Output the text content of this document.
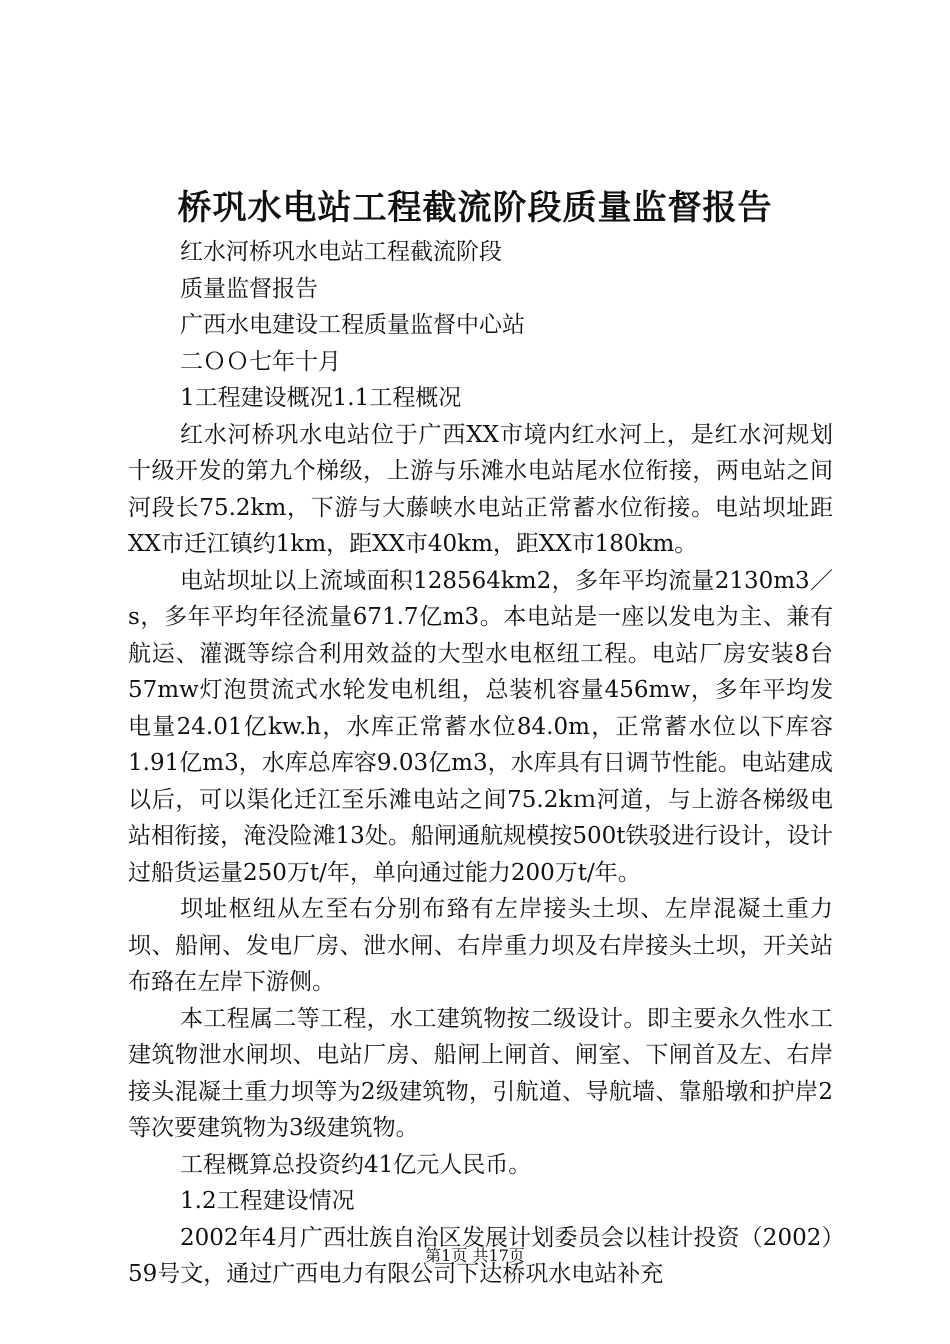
桥巩水电站工程截流阶段质量监督报告

红水河桥巩水电站工程截流阶段

质量监督报告

广西水电建设工程质量监督中心站

二ＯＯ七年十月

1工程建设概况1.1工程概况

红水河桥巩水电站位于广西XX市境内红水河上，是红水河规划十级开发的第九个梯级，上游与乐滩水电站尾水位衔接，两电站之间河段长75.2km，下游与大藤峡水电站正常蓄水位衔接。电站坝址距XX市迁江镇约1km，距XX市40km，距XX市180km。

电站坝址以上流域面积128564km2，多年平均流量2130m3／s，多年平均年径流量671.7亿m3。本电站是一座以发电为主、兼有航运、灌溉等综合利用效益的大型水电枢纽工程。电站厂房安装8台57mw灯泡贯流式水轮发电机组，总装机容量456mw，多年平均发电量24.01亿kw.h，水库正常蓄水位84.0m，正常蓄水位以下库容1.91亿m3，水库总库容9.03亿m3，水库具有日调节性能。电站建成以后，可以渠化迁江至乐滩电站之间75.2kｍ河道，与上游各梯级电站相衔接，淹没险滩13处。船闸通航规模按500t铁驳进行设计，设计过船货运量250万t/年，单向通过能力200万t/年。

坝址枢纽从左至右分别布臵有左岸接头土坝、左岸混凝土重力坝、船闸、发电厂房、泄水闸、右岸重力坝及右岸接头土坝，开关站布臵在左岸下游侧。

本工程属二等工程，水工建筑物按二级设计。即主要永久性水工建筑物泄水闸坝、电站厂房、船闸上闸首、闸室、下闸首及左、右岸接头混凝土重力坝等为2级建筑物，引航道、导航墙、靠船墩和护岸2等次要建筑物为3级建筑物。

工程概算总投资约41亿元人民币。

1.2工程建设情况

2002年4月广西壮族自治区发展计划委员会以桂计投资（2002）59号文，通过广西电力有限公司下达桥巩水电站补充

第1页 共17页
